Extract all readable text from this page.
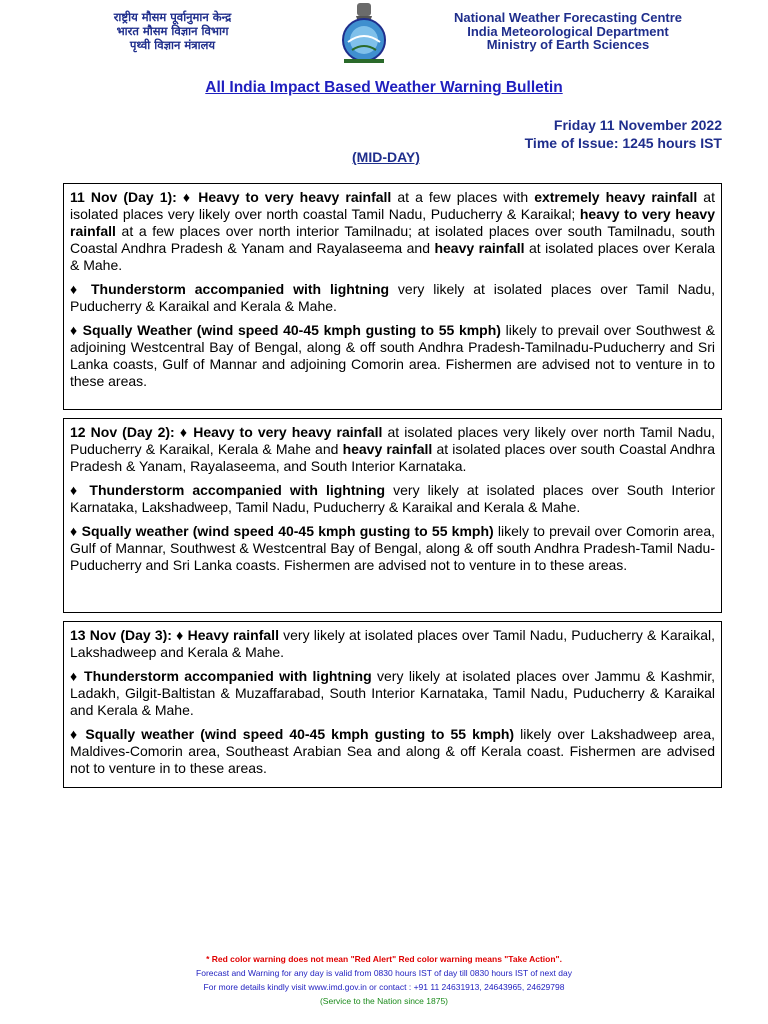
राष्ट्रीय मौसम पूर्वानुमान केन्द्र
भारत मौसम विज्ञान विभाग
पृथ्वी विज्ञान मंत्रालय
National Weather Forecasting Centre
India Meteorological Department
Ministry of Earth Sciences
All India Impact Based Weather Warning Bulletin
Friday 11 November 2022
Time of Issue: 1245 hours IST
(MID-DAY)

11 Nov (Day 1): ♦ Heavy to very heavy rainfall at a few places with extremely heavy rainfall at isolated places very likely over north coastal Tamil Nadu, Puducherry & Karaikal; heavy to very heavy rainfall at a few places over north interior Tamilnadu; at isolated places over south Tamilnadu, south Coastal Andhra Pradesh & Yanam and Rayalaseema and heavy rainfall at isolated places over Kerala & Mahe.

♦ Thunderstorm accompanied with lightning very likely at isolated places over Tamil Nadu, Puducherry & Karaikal and Kerala & Mahe.

♦ Squally Weather (wind speed 40-45 kmph gusting to 55 kmph) likely to prevail over Southwest & adjoining Westcentral Bay of Bengal, along & off south Andhra Pradesh-Tamilnadu-Puducherry and Sri Lanka coasts, Gulf of Mannar and adjoining Comorin area. Fishermen are advised not to venture in to these areas.

12 Nov (Day 2): ♦ Heavy to very heavy rainfall at isolated places very likely over north Tamil Nadu, Puducherry & Karaikal, Kerala & Mahe and heavy rainfall at isolated places over south Coastal Andhra Pradesh & Yanam, Rayalaseema, and South Interior Karnataka.

♦ Thunderstorm accompanied with lightning very likely at isolated places over South Interior Karnataka, Lakshadweep, Tamil Nadu, Puducherry & Karaikal and Kerala & Mahe.

♦ Squally weather (wind speed 40-45 kmph gusting to 55 kmph) likely to prevail over Comorin area, Gulf of Mannar, Southwest & Westcentral Bay of Bengal, along & off south Andhra Pradesh-Tamil Nadu-Puducherry and Sri Lanka coasts. Fishermen are advised not to venture in to these areas.

13 Nov (Day 3): ♦ Heavy rainfall very likely at isolated places over Tamil Nadu, Puducherry & Karaikal, Lakshadweep and Kerala & Mahe.

♦ Thunderstorm accompanied with lightning very likely at isolated places over Jammu & Kashmir, Ladakh, Gilgit-Baltistan & Muzaffarabad, South Interior Karnataka, Tamil Nadu, Puducherry & Karaikal and Kerala & Mahe.

♦ Squally weather (wind speed 40-45 kmph gusting to 55 kmph) likely over Lakshadweep area, Maldives-Comorin area, Southeast Arabian Sea and along & off Kerala coast. Fishermen are advised not to venture in to these areas.

* Red color warning does not mean "Red Alert" Red color warning means "Take Action".
Forecast and Warning for any day is valid from 0830 hours IST of day till 0830 hours IST of next day
For more details kindly visit www.imd.gov.in or contact : +91 11 24631913, 24643965, 24629798
(Service to the Nation since 1875)
